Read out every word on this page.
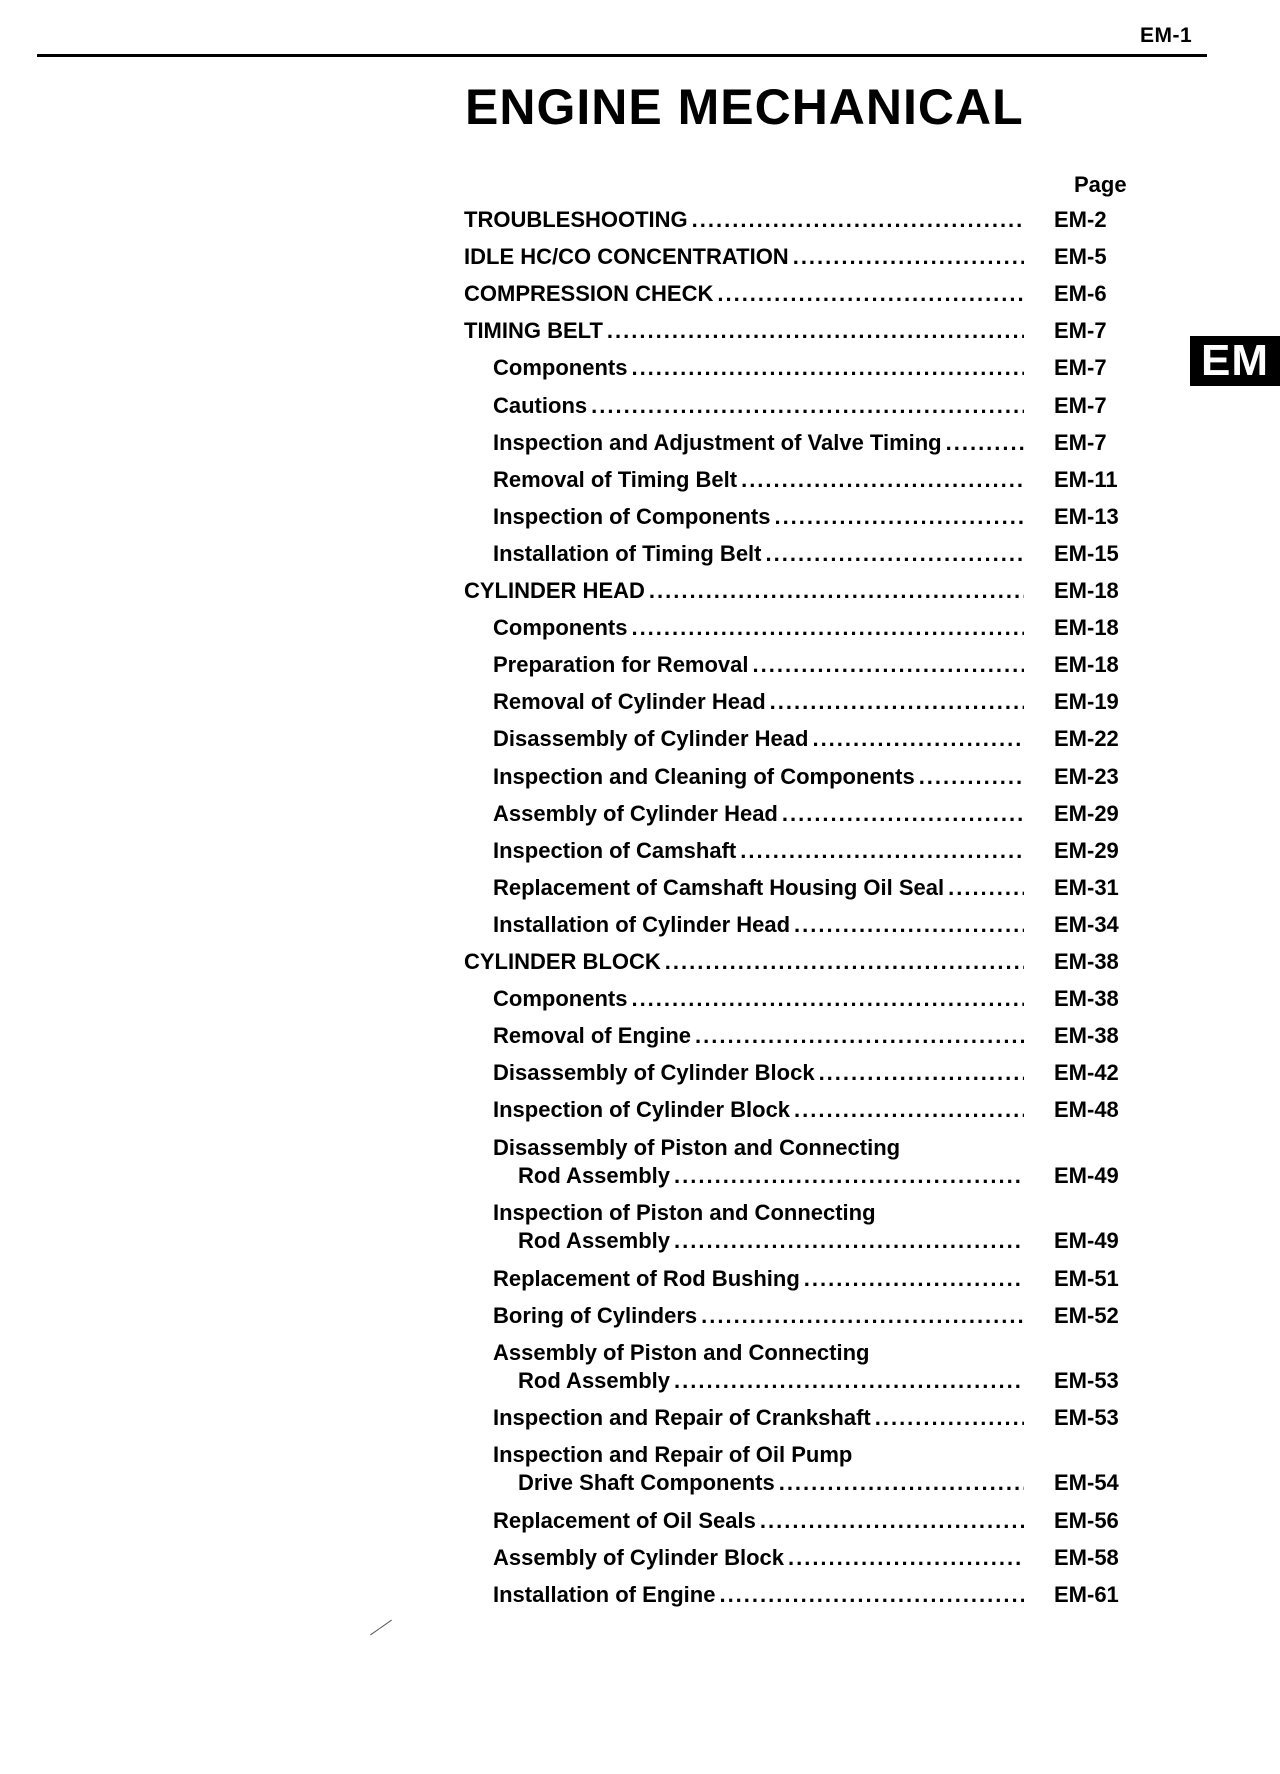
EM-1
ENGINE MECHANICAL
Page
EM
TROUBLESHOOTING .....	EM-2
IDLE HC/CO CONCENTRATION .....	EM-5
COMPRESSION CHECK .....	EM-6
TIMING BELT .....	EM-7
Components .....	EM-7
Cautions .....	EM-7
Inspection and Adjustment of Valve Timing .....	EM-7
Removal of Timing Belt .....	EM-11
Inspection of Components .....	EM-13
Installation of Timing Belt .....	EM-15
CYLINDER HEAD .....	EM-18
Components .....	EM-18
Preparation for Removal .....	EM-18
Removal of Cylinder Head .....	EM-19
Disassembly of Cylinder Head .....	EM-22
Inspection and Cleaning of Components .....	EM-23
Assembly of Cylinder Head .....	EM-29
Inspection of Camshaft .....	EM-29
Replacement of Camshaft Housing Oil Seal .....	EM-31
Installation of Cylinder Head .....	EM-34
CYLINDER BLOCK .....	EM-38
Components .....	EM-38
Removal of Engine .....	EM-38
Disassembly of Cylinder Block .....	EM-42
Inspection of Cylinder Block .....	EM-48
Disassembly of Piston and Connecting
Rod Assembly .....	EM-49
Inspection of Piston and Connecting
Rod Assembly .....	EM-49
Replacement of Rod Bushing .....	EM-51
Boring of Cylinders .....	EM-52
Assembly of Piston and Connecting
Rod Assembly .....	EM-53
Inspection and Repair of Crankshaft .....	EM-53
Inspection and Repair of Oil Pump
Drive Shaft Components .....	EM-54
Replacement of Oil Seals .....	EM-56
Assembly of Cylinder Block .....	EM-58
Installation of Engine .....	EM-61
